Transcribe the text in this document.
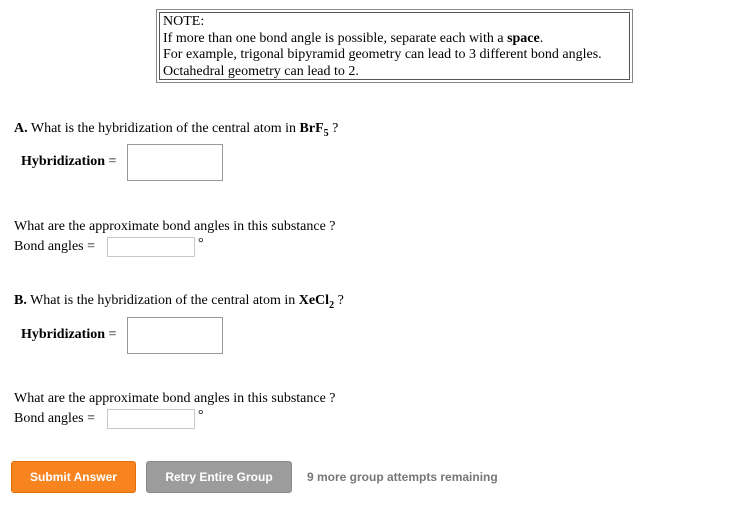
NOTE:
If more than one bond angle is possible, separate each with a space.
For example, trigonal bipyramid geometry can lead to 3 different bond angles.
Octahedral geometry can lead to 2.
A. What is the hybridization of the central atom in BrF$_5$ ?
Hybridization =
What are the approximate bond angles in this substance ?
Bond angles =	°
B. What is the hybridization of the central atom in XeCl$_2$ ?
Hybridization =
What are the approximate bond angles in this substance ?
Bond angles =	°
Submit Answer	Retry Entire Group	9 more group attempts remaining
